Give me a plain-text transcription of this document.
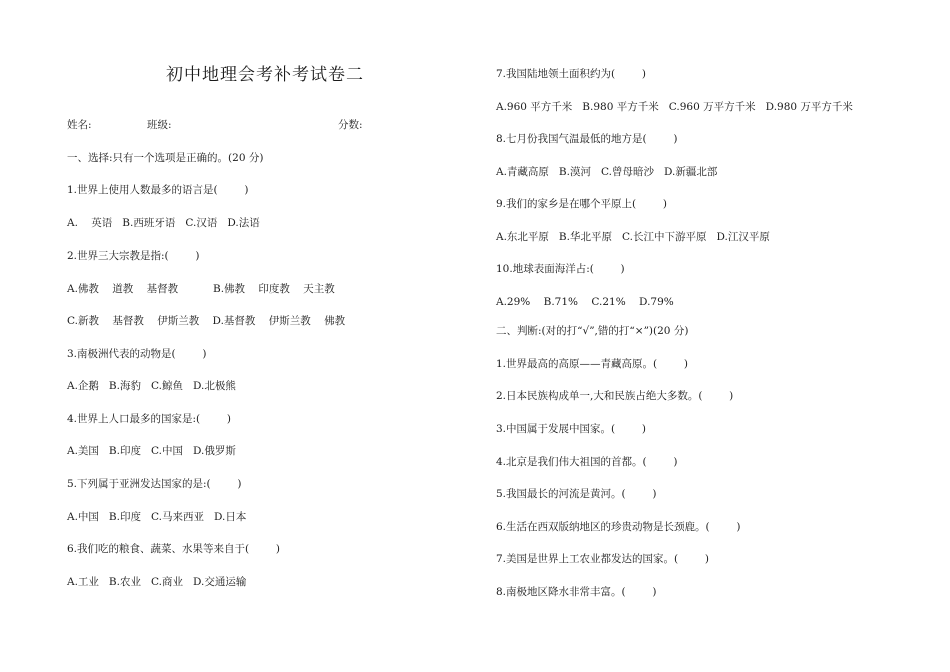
初中地理会考补考试卷二
姓名:	班级:	分数:
一、选择:只有一个选项是正确的。(20 分)
1.世界上使用人数最多的语言是(        )
A.    英语   B.西班牙语   C.汉语   D.法语
2.世界三大宗教是指:(        )
A.佛教    道教    基督教	B.佛教    印度教    天主教
C.新教    基督教    伊斯兰教    D.基督教    伊斯兰教    佛教
3.南极洲代表的动物是(        )
A.企鹅   B.海豹   C.鲸鱼   D.北极熊
4.世界上人口最多的国家是:(        )
A.美国   B.印度   C.中国   D.俄罗斯
5.下列属于亚洲发达国家的是:(        )
A.中国   B.印度   C.马来西亚   D.日本
6.我们吃的粮食、蔬菜、水果等来自于(        )
A.工业   B.农业   C.商业   D.交通运输
7.我国陆地领土面积约为(        )
A.960 平方千米   B.980 平方千米   C.960 万平方千米   D.980 万平方千米
8.七月份我国气温最低的地方是(        )
A.青藏高原   B.漠河   C.曾母暗沙   D.新疆北部
9.我们的家乡是在哪个平原上(        )
A.东北平原   B.华北平原   C.长江中下游平原   D.江汉平原
10.地球表面海洋占:(        )
A.29%    B.71%    C.21%    D.79%
二、判断:(对的打“√”,错的打“×”)(20 分)
1.世界最高的高原——青藏高原。(        )
2.日本民族构成单一,大和民族占绝大多数。(        )
3.中国属于发展中国家。(        )
4.北京是我们伟大祖国的首都。(        )
5.我国最长的河流是黄河。(        )
6.生活在西双版纳地区的珍贵动物是长颈鹿。(        )
7.美国是世界上工农业都发达的国家。(        )
8.南极地区降水非常丰富。(        )
